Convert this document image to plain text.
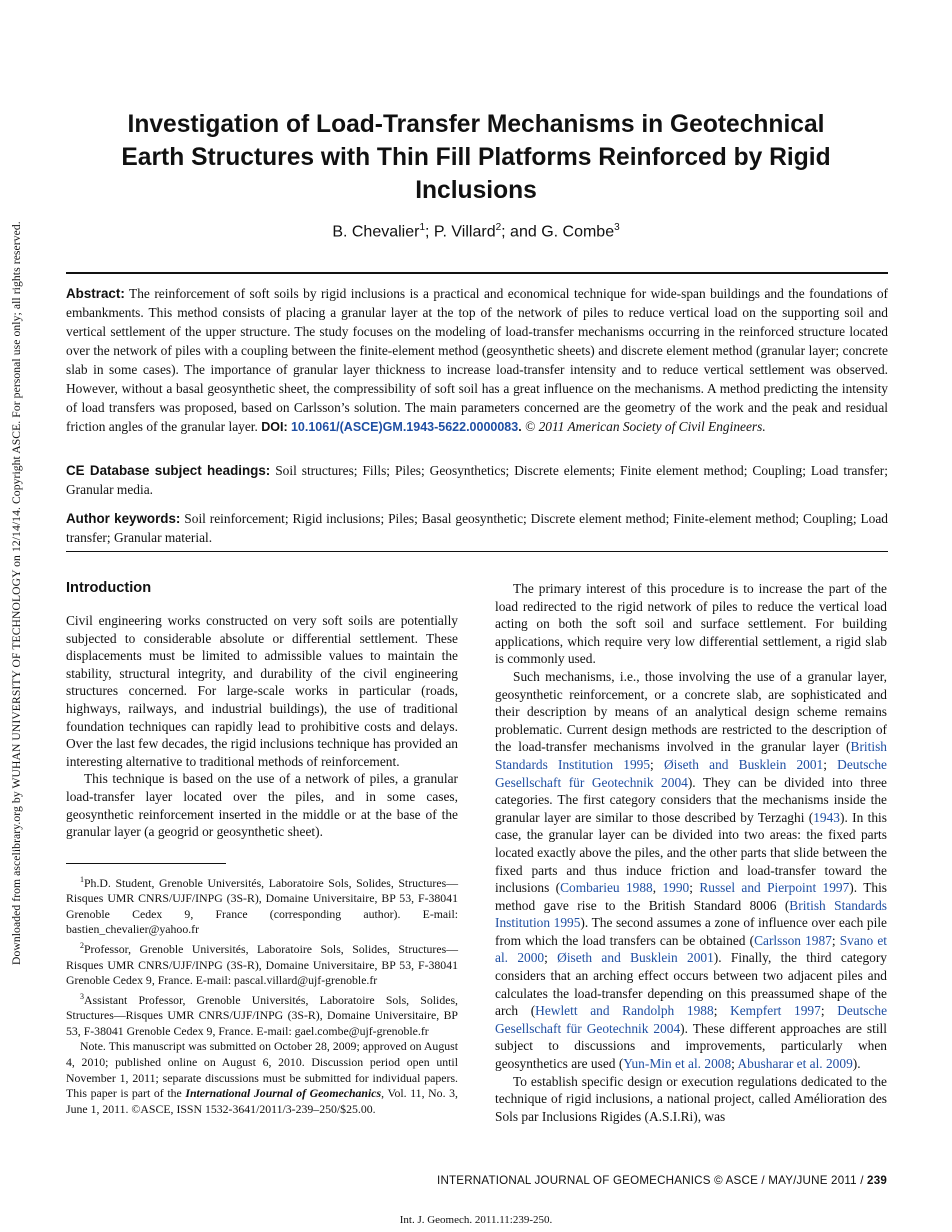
Downloaded from ascelibrary.org by WUHAN UNIVERSITY OF TECHNOLOGY on 12/14/14. Copyright ASCE. For personal use only; all rights reserved.
Investigation of Load-Transfer Mechanisms in Geotechnical Earth Structures with Thin Fill Platforms Reinforced by Rigid Inclusions
B. Chevalier$^1$; P. Villard$^2$; and G. Combe$^3$
Abstract: The reinforcement of soft soils by rigid inclusions is a practical and economical technique for wide-span buildings and the foundations of embankments. This method consists of placing a granular layer at the top of the network of piles to reduce vertical load on the supporting soil and vertical settlement of the upper structure. The study focuses on the modeling of load-transfer mechanisms occurring in the reinforced structure located over the network of piles with a coupling between the finite-element method (geosynthetic sheets) and discrete element method (granular layer; concrete slab in some cases). The importance of granular layer thickness to increase load-transfer intensity and to reduce vertical settlement was observed. However, without a basal geosynthetic sheet, the compressibility of soft soil has a great influence on the mechanisms. A method predicting the intensity of load transfers was proposed, based on Carlsson’s solution. The main parameters concerned are the geometry of the work and the peak and residual friction angles of the granular layer. DOI: 10.1061/(ASCE)GM.1943-5622.0000083. © 2011 American Society of Civil Engineers.
CE Database subject headings: Soil structures; Fills; Piles; Geosynthetics; Discrete elements; Finite element method; Coupling; Load transfer; Granular media.
Author keywords: Soil reinforcement; Rigid inclusions; Piles; Basal geosynthetic; Discrete element method; Finite-element method; Coupling; Load transfer; Granular material.
Introduction

Civil engineering works constructed on very soft soils are potentially subjected to considerable absolute or differential settlement. These displacements must be limited to admissible values to maintain the stability, structural integrity, and durability of the civil engineering structures concerned. For large-scale works in particular (roads, highways, railways, and industrial buildings), the use of traditional foundation techniques can rapidly lead to prohibitive costs and delays. Over the last few decades, the rigid inclusions technique has provided an interesting alternative to traditional methods of reinforcement.

This technique is based on the use of a network of piles, a granular load-transfer layer located over the piles, and in some cases, geosynthetic reinforcement inserted in the middle or at the base of the granular layer (a geogrid or geosynthetic sheet).

$^1$Ph.D. Student, Grenoble Universités, Laboratoire Sols, Solides, Structures—Risques UMR CNRS/UJF/INPG (3S-R), Domaine Universitaire, BP 53, F-38041 Grenoble Cedex 9, France (corresponding author). E-mail: bastien_chevalier@yahoo.fr

$^2$Professor, Grenoble Universités, Laboratoire Sols, Solides, Structures—Risques UMR CNRS/UJF/INPG (3S-R), Domaine Universitaire, BP 53, F-38041 Grenoble Cedex 9, France. E-mail: pascal.villard@ujf-grenoble.fr

$^3$Assistant Professor, Grenoble Universités, Laboratoire Sols, Solides, Structures—Risques UMR CNRS/UJF/INPG (3S-R), Domaine Universitaire, BP 53, F-38041 Grenoble Cedex 9, France. E-mail: gael.combe@ujf-grenoble.fr

Note. This manuscript was submitted on October 28, 2009; approved on August 4, 2010; published online on August 6, 2010. Discussion period open until November 1, 2011; separate discussions must be submitted for individual papers. This paper is part of the International Journal of Geomechanics, Vol. 11, No. 3, June 1, 2011. ©ASCE, ISSN 1532-3641/2011/3-239–250/$25.00.

The primary interest of this procedure is to increase the part of the load redirected to the rigid network of piles to reduce the vertical load acting on both the soft soil and surface settlement. For building applications, which require very low differential settlement, a rigid slab is commonly used.

Such mechanisms, i.e., those involving the use of a granular layer, geosynthetic reinforcement, or a concrete slab, are sophisticated and their description by means of an analytical design scheme remains problematic. Current design methods are restricted to the description of the load-transfer mechanisms involved in the granular layer (British Standards Institution 1995; Øiseth and Busklein 2001; Deutsche Gesellschaft für Geotechnik 2004). They can be divided into three categories. The first category considers that the mechanisms inside the granular layer are similar to those described by Terzaghi (1943). In this case, the granular layer can be divided into two areas: the fixed parts located exactly above the piles, and the other parts that slide between the fixed parts and thus induce friction and load-transfer toward the inclusions (Combarieu 1988, 1990; Russel and Pierpoint 1997). This method gave rise to the British Standard 8006 (British Standards Institution 1995). The second assumes a zone of influence over each pile from which the load transfers can be obtained (Carlsson 1987; Svano et al. 2000; Øiseth and Busklein 2001). Finally, the third category considers that an arching effect occurs between two adjacent piles and calculates the load-transfer depending on this preassumed shape of the arch (Hewlett and Randolph 1988; Kempfert 1997; Deutsche Gesellschaft für Geotechnik 2004). These different approaches are still subject to discussions and improvements, particularly when geosynthetics are used (Yun-Min et al. 2008; Abusharar et al. 2009).

To establish specific design or execution regulations dedicated to the technique of rigid inclusions, a national project, called Amélioration des Sols par Inclusions Rigides (A.S.I.Ri), was

INTERNATIONAL JOURNAL OF GEOMECHANICS © ASCE / MAY/JUNE 2011 / 239
Int. J. Geomech. 2011.11:239-250.
